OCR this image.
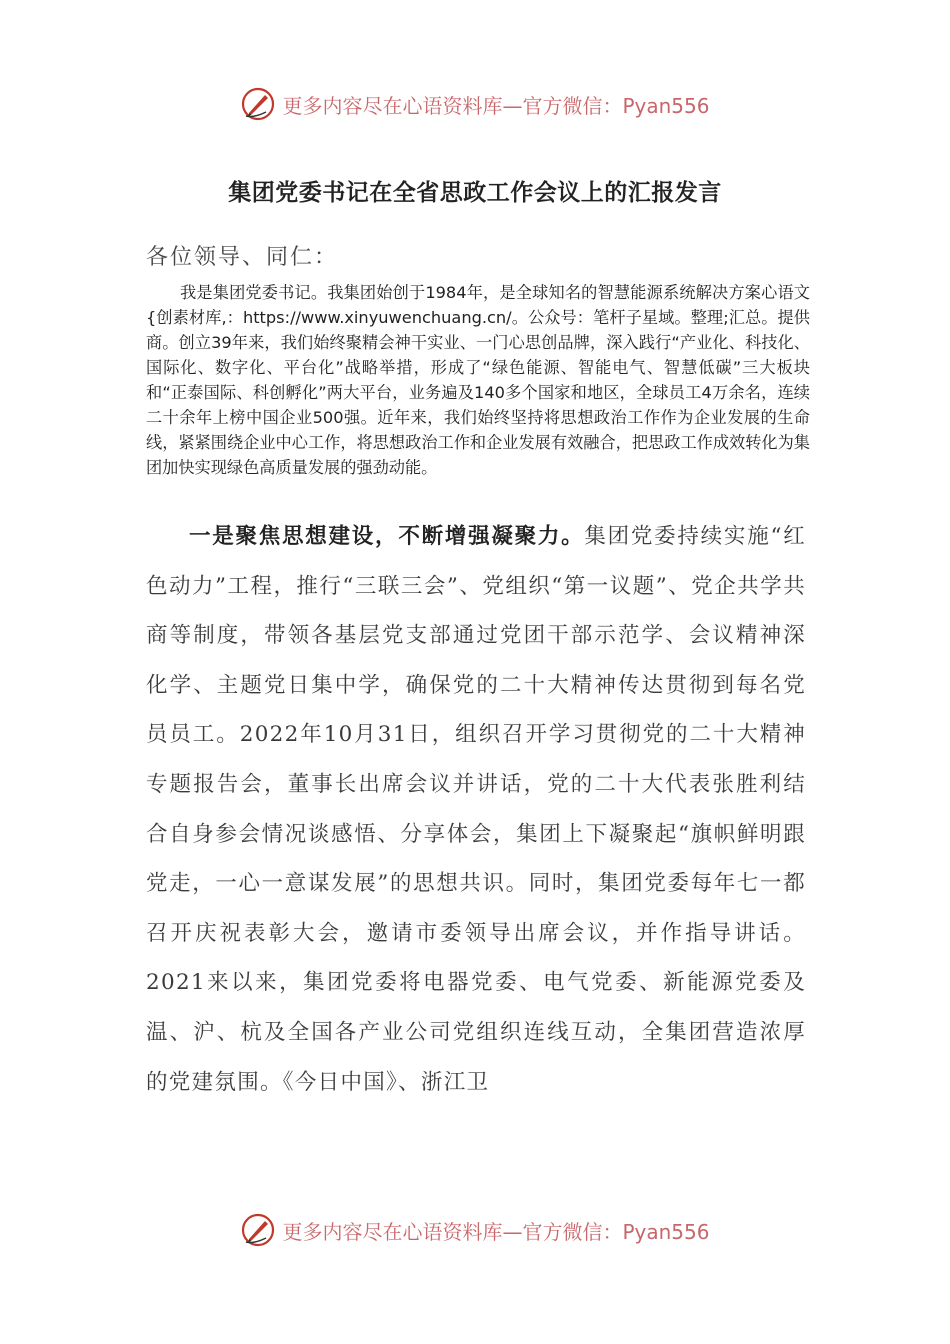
更多内容尽在心语资料库—官方微信：Pyan556
集团党委书记在全省思政工作会议上的汇报发言
各位领导、同仁：

我是集团党委书记。我集团始创于1984年，是全球知名的智慧能源系统解决方案心语文{创素材库,：https://www.xinyuwenchuang.cn/。公众号：笔杆子星域。整理;汇总。提供商。创立39年来，我们始终聚精会神干实业、一门心思创品牌，深入践行“产业化、科技化、国际化、数字化、平台化”战略举措，形成了“绿色能源、智能电气、智慧低碳”三大板块和“正泰国际、科创孵化”两大平台，业务遍及140多个国家和地区，全球员工4万余名，连续二十余年上榜中国企业500强。近年来，我们始终坚持将思想政治工作作为企业发展的生命线，紧紧围绕企业中心工作，将思想政治工作和企业发展有效融合，把思政工作成效转化为集团加快实现绿色高质量发展的强劲动能。

一是聚焦思想建设，不断增强凝聚力。集团党委持续实施“红色动力”工程，推行“三联三会”、党组织“第一议题”、党企共学共商等制度，带领各基层党支部通过党团干部示范学、会议精神深化学、主题党日集中学，确保党的二十大精神传达贯彻到每名党员员工。2022年10月31日，组织召开学习贯彻党的二十大精神专题报告会，董事长出席会议并讲话，党的二十大代表张胜利结合自身参会情况谈感悟、分享体会，集团上下凝聚起“旗帜鲜明跟党走，一心一意谋发展”的思想共识。同时，集团党委每年七一都召开庆祝表彰大会，邀请市委领导出席会议，并作指导讲话。2021来以来，集团党委将电器党委、电气党委、新能源党委及温、沪、杭及全国各产业公司党组织连线互动，全集团营造浓厚的党建氛围。《今日中国》、浙江卫

更多内容尽在心语资料库—官方微信：Pyan556
